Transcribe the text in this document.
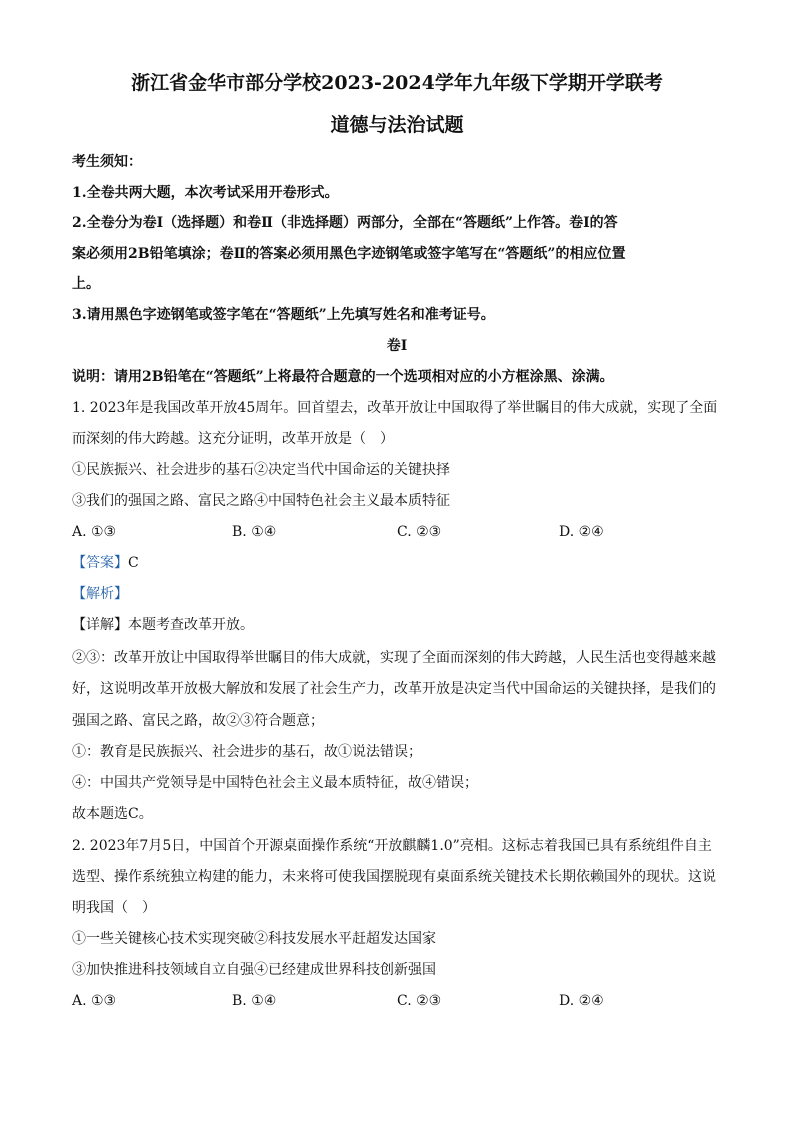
浙江省金华市部分学校2023-2024学年九年级下学期开学联考
道德与法治试题
考生须知：
1.全卷共两大题，本次考试采用开卷形式。
2.全卷分为卷Ⅰ（选择题）和卷Ⅱ（非选择题）两部分，全部在“答题纸”上作答。卷Ⅰ的答
案必须用2B铅笔填涂；卷Ⅱ的答案必须用黑色字迹钢笔或签字笔写在“答题纸”的相应位置
上。
3.请用黑色字迹钢笔或签字笔在“答题纸”上先填写姓名和准考证号。
卷Ⅰ
说明：请用2B铅笔在“答题纸”上将最符合题意的一个选项相对应的小方框涂黑、涂满。
1. 2023年是我国改革开放45周年。回首望去，改革开放让中国取得了举世瞩目的伟大成就，实现了全面
而深刻的伟大跨越。这充分证明，改革开放是（　）
①民族振兴、社会进步的基石②决定当代中国命运的关键抉择
③我们的强国之路、富民之路④中国特色社会主义最本质特征
A. ①③	B. ①④	C. ②③	D. ②④
【答案】C
【解析】
【详解】本题考查改革开放。
②③：改革开放让中国取得举世瞩目的伟大成就，实现了全面而深刻的伟大跨越，人民生活也变得越来越
好，这说明改革开放极大解放和发展了社会生产力，改革开放是决定当代中国命运的关键抉择，是我们的
强国之路、富民之路，故②③符合题意；
①：教育是民族振兴、社会进步的基石，故①说法错误；
④：中国共产党领导是中国特色社会主义最本质特征，故④错误；
故本题选C。
2. 2023年7月5日，中国首个开源桌面操作系统“开放麒麟1.0”亮相。这标志着我国已具有系统组件自主
选型、操作系统独立构建的能力，未来将可使我国摆脱现有桌面系统关键技术长期依赖国外的现状。这说
明我国（　）
①一些关键核心技术实现突破②科技发展水平赶超发达国家
③加快推进科技领域自立自强④已经建成世界科技创新强国
A. ①③	B. ①④	C. ②③	D. ②④
